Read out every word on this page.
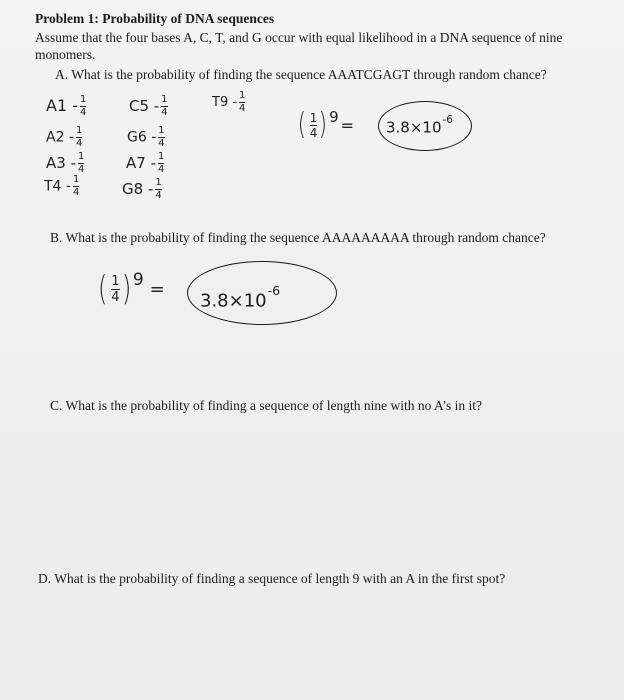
Problem 1: Probability of DNA sequences
Assume that the four bases A, C, T, and G occur with equal likelihood in a DNA sequence of nine monomers.
A. What is the probability of finding the sequence AAATCGAGT through random chance?
$A1 - \frac{1}{4}$
$A2 - \frac{1}{4}$
$A3 - \frac{1}{4}$
$T4 - \frac{1}{4}$
$C5 - \frac{1}{4}$
$G6 - \frac{1}{4}$
$A7 - \frac{1}{4}$
$G8 - \frac{1}{4}$
$T9 - \frac{1}{4}$
( $\frac{1}{4}$ ) $9 = 3.8\times 10^{-6}$
B. What is the probability of finding the sequence AAAAAAAAA through random chance?
( $\frac{1}{4}$ ) 9 =
$3.8\times 10^{-6}$
C. What is the probability of finding a sequence of length nine with no A’s in it?
D. What is the probability of finding a sequence of length 9 with an A in the first spot?
